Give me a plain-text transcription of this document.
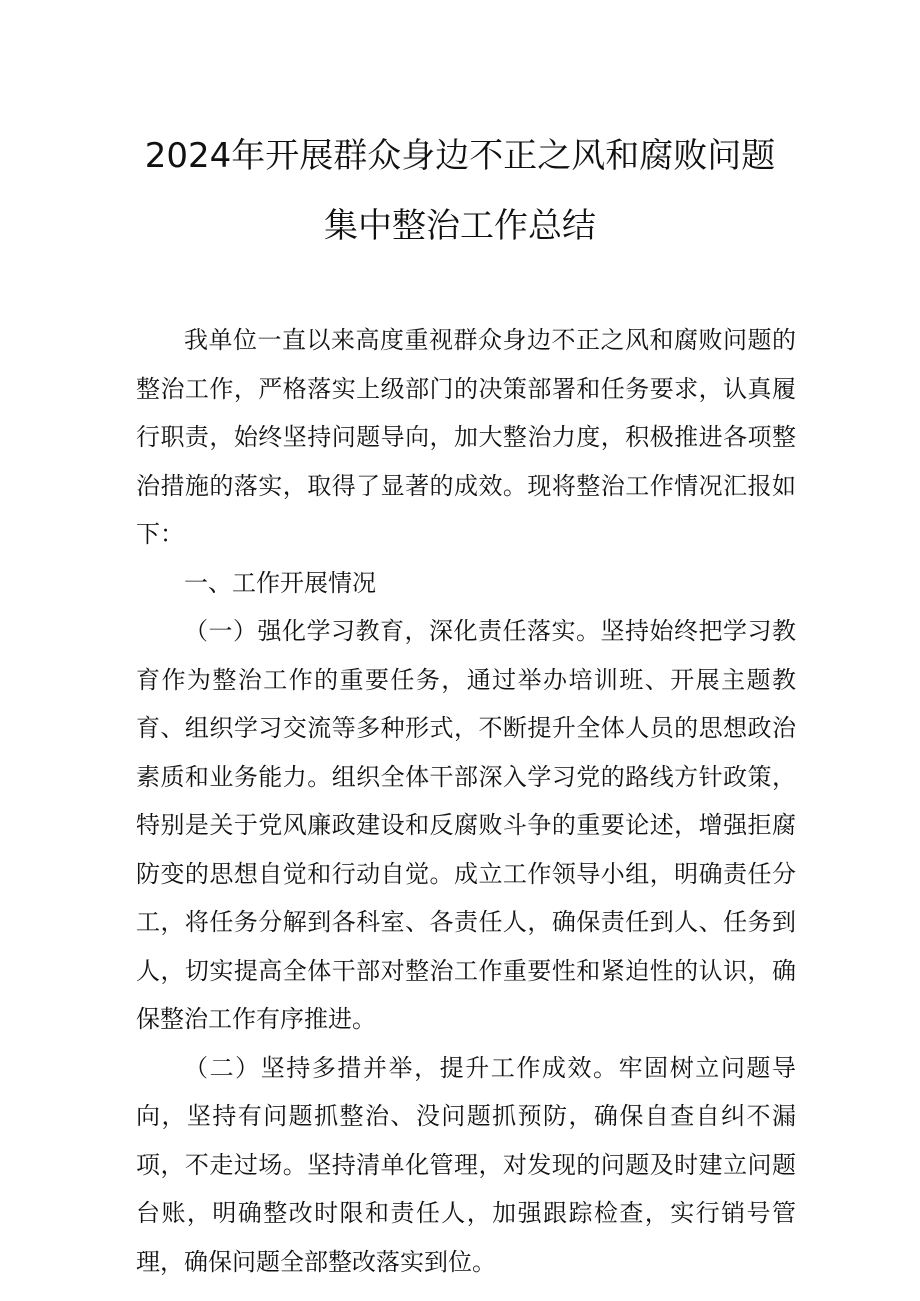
2024年开展群众身边不正之风和腐败问题
集中整治工作总结

我单位一直以来高度重视群众身边不正之风和腐败问题的整治工作，严格落实上级部门的决策部署和任务要求，认真履行职责，始终坚持问题导向，加大整治力度，积极推进各项整治措施的落实，取得了显著的成效。现将整治工作情况汇报如下：

一、工作开展情况

（一）强化学习教育，深化责任落实。坚持始终把学习教育作为整治工作的重要任务，通过举办培训班、开展主题教育、组织学习交流等多种形式，不断提升全体人员的思想政治素质和业务能力。组织全体干部深入学习党的路线方针政策，特别是关于党风廉政建设和反腐败斗争的重要论述，增强拒腐防变的思想自觉和行动自觉。成立工作领导小组，明确责任分工，将任务分解到各科室、各责任人，确保责任到人、任务到人，切实提高全体干部对整治工作重要性和紧迫性的认识，确保整治工作有序推进。

（二）坚持多措并举，提升工作成效。牢固树立问题导向，坚持有问题抓整治、没问题抓预防，确保自查自纠不漏项，不走过场。坚持清单化管理，对发现的问题及时建立问题台账，明确整改时限和责任人，加强跟踪检查，实行销号管理，确保问题全部整改落实到位。
